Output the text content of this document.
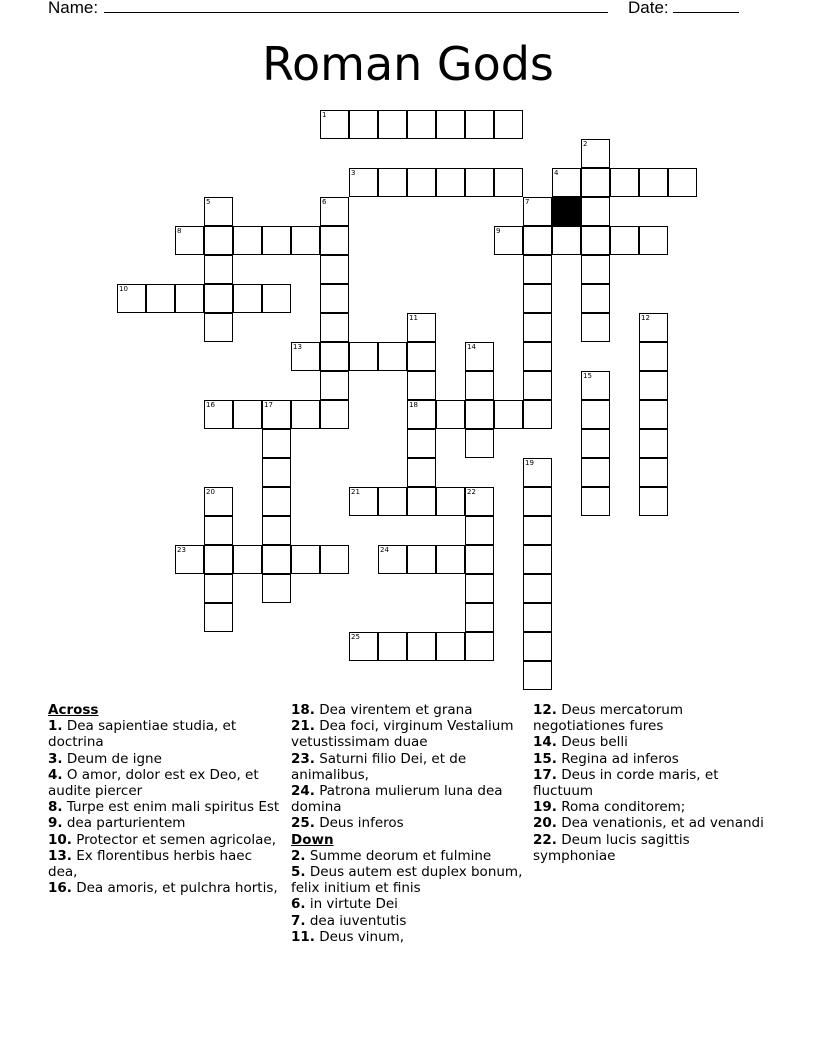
Name:	Date:
Roman Gods
1
2
3	4
5	6	7
8	9
10
11	12
13	14
15
16	17	18
19
20	21	22
23	24
25

Across

1. Dea sapientiae studia, et doctrina

3. Deum de igne

4. O amor, dolor est ex Deo, et audite piercer

8. Turpe est enim mali spiritus Est

9. dea parturientem

10. Protector et semen agricolae,

13. Ex florentibus herbis haec dea,

16. Dea amoris, et pulchra hortis,

18. Dea virentem et grana

21. Dea foci, virginum Vestalium vetustissimam duae

23. Saturni filio Dei, et de animalibus,

24. Patrona mulierum luna dea domina

25. Deus inferos

Down

2. Summe deorum et fulmine

5. Deus autem est duplex bonum, felix initium et finis

6. in virtute Dei

7. dea iuventutis

11. Deus vinum,

12. Deus mercatorum negotiationes fures

14. Deus belli

15. Regina ad inferos

17. Deus in corde maris, et fluctuum

19. Roma conditorem;

20. Dea venationis, et ad venandi

22. Deum lucis sagittis symphoniae
